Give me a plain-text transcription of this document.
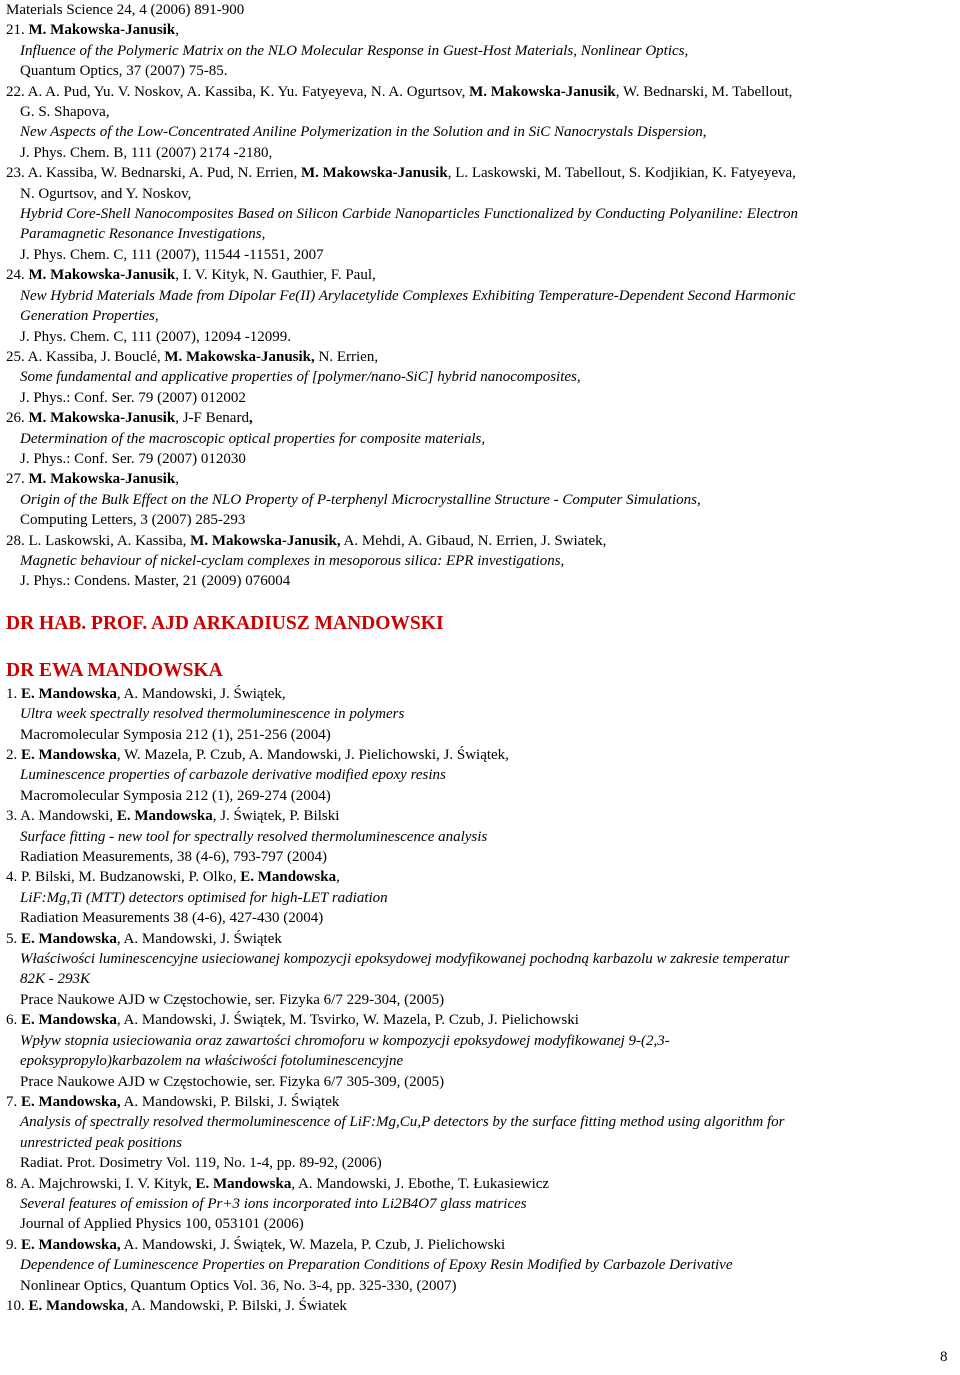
Materials Science 24, 4 (2006) 891-900
21. M. Makowska-Janusik,
Influence of the Polymeric Matrix on the NLO Molecular Response in Guest-Host Materials, Nonlinear Optics,
Quantum Optics, 37 (2007) 75-85.
22. A. A. Pud, Yu. V. Noskov, A. Kassiba, K. Yu. Fatyeyeva, N. A. Ogurtsov, M. Makowska-Janusik, W. Bednarski, M. Tabellout,
G. S. Shapova,
New Aspects of the Low-Concentrated Aniline Polymerization in the Solution and in SiC Nanocrystals Dispersion,
J. Phys. Chem. B, 111 (2007) 2174 -2180,
23. A. Kassiba, W. Bednarski, A. Pud, N. Errien, M. Makowska-Janusik, L. Laskowski, M. Tabellout, S. Kodjikian, K. Fatyeyeva,
N. Ogurtsov, and Y. Noskov,
Hybrid Core-Shell Nanocomposites Based on Silicon Carbide Nanoparticles Functionalized by Conducting Polyaniline: Electron
Paramagnetic Resonance Investigations,
J. Phys. Chem. C, 111 (2007), 11544 -11551, 2007
24. M. Makowska-Janusik, I. V. Kityk, N. Gauthier, F. Paul,
New Hybrid Materials Made from Dipolar Fe(II) Arylacetylide Complexes Exhibiting Temperature-Dependent Second Harmonic
Generation Properties,
J. Phys. Chem. C, 111 (2007), 12094 -12099.
25. A. Kassiba, J. Bouclé, M. Makowska-Janusik, N. Errien,
Some fundamental and applicative properties of [polymer/nano-SiC] hybrid nanocomposites,
J. Phys.: Conf. Ser. 79 (2007) 012002
26. M. Makowska-Janusik, J-F Benard,
Determination of the macroscopic optical properties for composite materials,
J. Phys.: Conf. Ser. 79 (2007) 012030
27. M. Makowska-Janusik,
Origin of the Bulk Effect on the NLO Property of P-terphenyl Microcrystalline Structure - Computer Simulations,
Computing Letters, 3 (2007) 285-293
28. L. Laskowski, A. Kassiba, M. Makowska-Janusik, A. Mehdi, A. Gibaud, N. Errien, J. Swiatek,
Magnetic behaviour of nickel-cyclam complexes in mesoporous silica: EPR investigations,
J. Phys.: Condens. Master, 21 (2009) 076004
DR HAB. PROF. AJD ARKADIUSZ MANDOWSKI
DR EWA MANDOWSKA
1. E. Mandowska, A. Mandowski, J. Świątek,
Ultra week spectrally resolved thermoluminescence in polymers
Macromolecular Symposia 212 (1), 251-256 (2004)
2. E. Mandowska, W. Mazela, P. Czub, A. Mandowski, J. Pielichowski, J. Świątek,
Luminescence properties of carbazole derivative modified epoxy resins
Macromolecular Symposia 212 (1), 269-274 (2004)
3. A. Mandowski, E. Mandowska, J. Świątek, P. Bilski
Surface fitting - new tool for spectrally resolved thermoluminescence analysis
Radiation Measurements, 38 (4-6), 793-797 (2004)
4. P. Bilski, M. Budzanowski, P. Olko, E. Mandowska,
LiF:Mg,Ti (MTT) detectors optimised for high-LET radiation
Radiation Measurements 38 (4-6), 427-430 (2004)
5. E. Mandowska, A. Mandowski, J. Świątek
Właściwości luminescencyjne usieciowanej kompozycji epoksydowej modyfikowanej pochodną karbazolu w zakresie temperatur
82K - 293K
Prace Naukowe AJD w Częstochowie, ser. Fizyka 6/7 229-304, (2005)
6. E. Mandowska, A. Mandowski, J. Świątek, M. Tsvirko, W. Mazela, P. Czub, J. Pielichowski
Wpływ stopnia usieciowania oraz zawartości chromoforu w kompozycji epoksydowej modyfikowanej 9-(2,3-
epoksypropylo)karbazolem na właściwości fotoluminescencyjne
Prace Naukowe AJD w Częstochowie, ser. Fizyka 6/7 305-309, (2005)
7. E. Mandowska, A. Mandowski, P. Bilski, J. Świątek
Analysis of spectrally resolved thermoluminescence of LiF:Mg,Cu,P detectors by the surface fitting method using algorithm for
unrestricted peak positions
Radiat. Prot. Dosimetry Vol. 119, No. 1-4, pp. 89-92, (2006)
8. A. Majchrowski, I. V. Kityk, E. Mandowska, A. Mandowski, J. Ebothe, T. Łukasiewicz
Several features of emission of Pr+3 ions incorporated into Li2B4O7 glass matrices
Journal of Applied Physics 100, 053101 (2006)
9. E. Mandowska, A. Mandowski, J. Świątek, W. Mazela, P. Czub, J. Pielichowski
Dependence of Luminescence Properties on Preparation Conditions of Epoxy Resin Modified by Carbazole Derivative
Nonlinear Optics, Quantum Optics Vol. 36, No. 3-4, pp. 325-330, (2007)
10. E. Mandowska, A. Mandowski, P. Bilski, J. Światek
8
